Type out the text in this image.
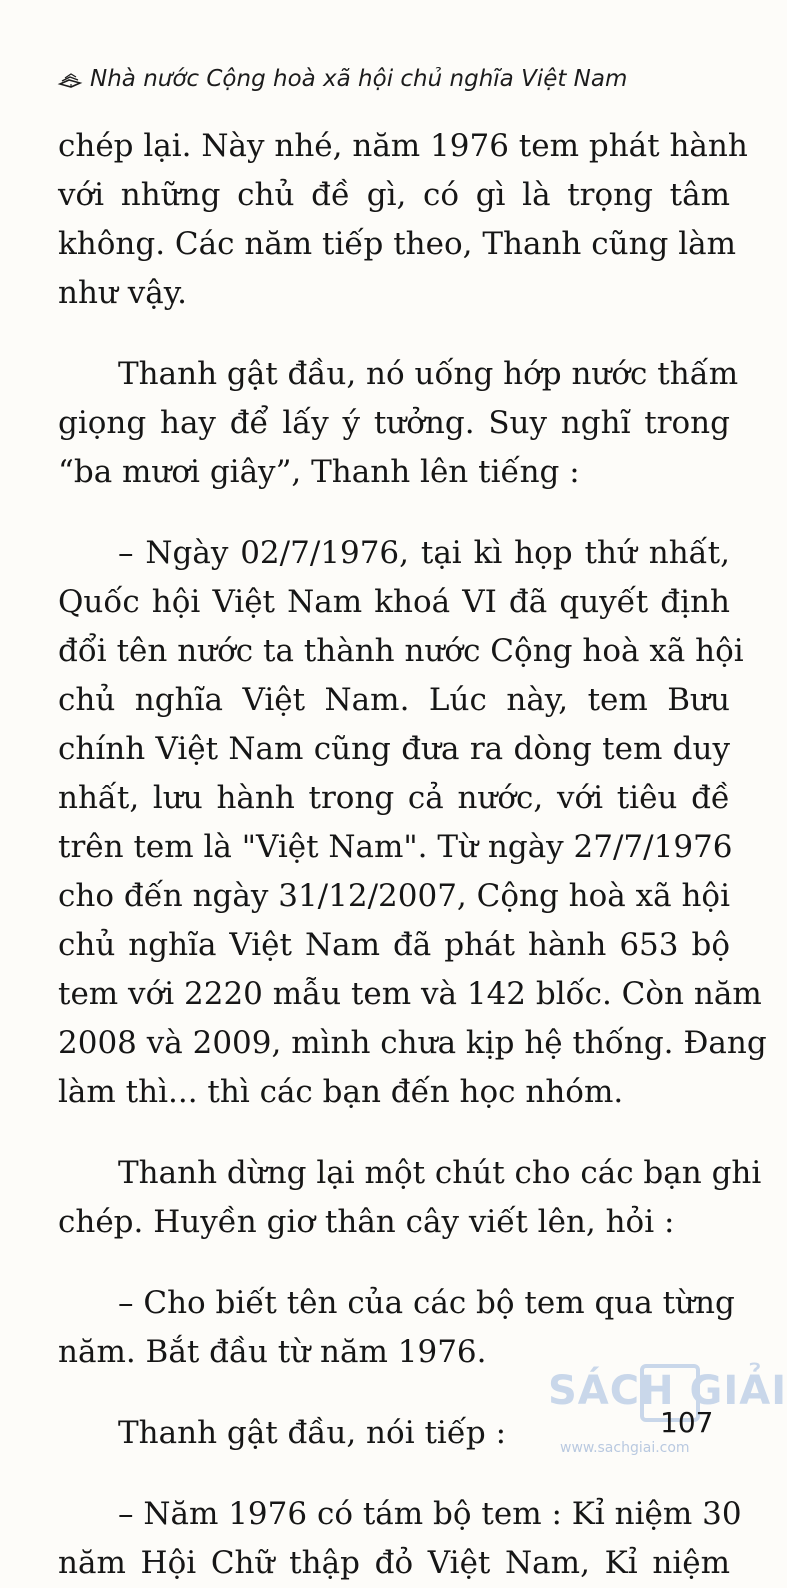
Nhà nước Cộng hoà xã hội chủ nghĩa Việt Nam
chép lại. Này nhé, năm 1976 tem phát hành
với những chủ đề gì, có gì là trọng tâm
không. Các năm tiếp theo, Thanh cũng làm
như vậy.
Thanh gật đầu, nó uống hớp nước thấm
giọng hay để lấy ý tưởng. Suy nghĩ trong
“ba mươi giây”, Thanh lên tiếng :
– Ngày 02/7/1976, tại kì họp thứ nhất,
Quốc hội Việt Nam khoá VI đã quyết định
đổi tên nước ta thành nước Cộng hoà xã hội
chủ nghĩa Việt Nam. Lúc này, tem Bưu
chính Việt Nam cũng đưa ra dòng tem duy
nhất, lưu hành trong cả nước, với tiêu đề
trên tem là "Việt Nam". Từ ngày 27/7/1976
cho đến ngày 31/12/2007, Cộng hoà xã hội
chủ nghĩa Việt Nam đã phát hành 653 bộ
tem với 2220 mẫu tem và 142 blốc. Còn năm
2008 và 2009, mình chưa kịp hệ thống. Đang
làm thì... thì các bạn đến học nhóm.
Thanh dừng lại một chút cho các bạn ghi
chép. Huyền giơ thân cây viết lên, hỏi :
– Cho biết tên của các bộ tem qua từng
năm. Bắt đầu từ năm 1976.
Thanh gật đầu, nói tiếp :
– Năm 1976 có tám bộ tem : Kỉ niệm 30
năm Hội Chữ thập đỏ Việt Nam, Kỉ niệm
SÁCH GIẢI
www.sachgiai.com
107
